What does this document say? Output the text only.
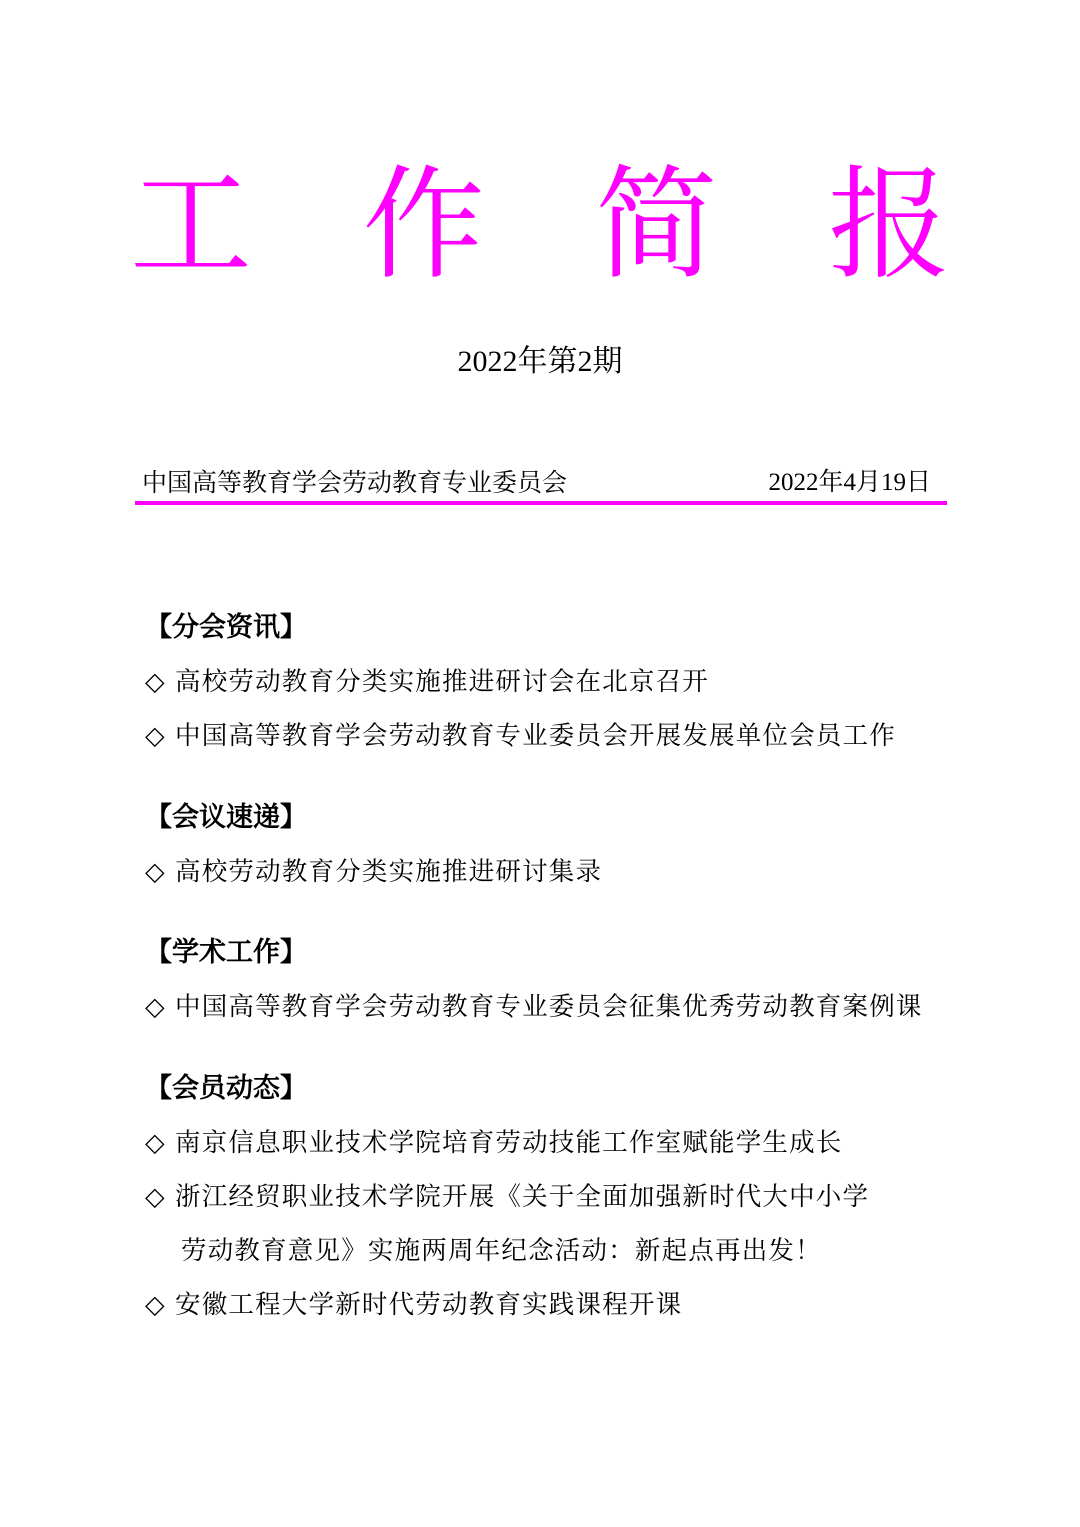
工 作 简 报
2022年第2期
中国高等教育学会劳动教育专业委员会	2022年4月19日

【分会资讯】

◇ 高校劳动教育分类实施推进研讨会在北京召开

◇ 中国高等教育学会劳动教育专业委员会开展发展单位会员工作

【会议速递】

◇ 高校劳动教育分类实施推进研讨集录

【学术工作】

◇ 中国高等教育学会劳动教育专业委员会征集优秀劳动教育案例课

【会员动态】

◇ 南京信息职业技术学院培育劳动技能工作室赋能学生成长

◇ 浙江经贸职业技术学院开展《关于全面加强新时代大中小学
劳动教育意见》实施两周年纪念活动：新起点再出发！

◇ 安徽工程大学新时代劳动教育实践课程开课
